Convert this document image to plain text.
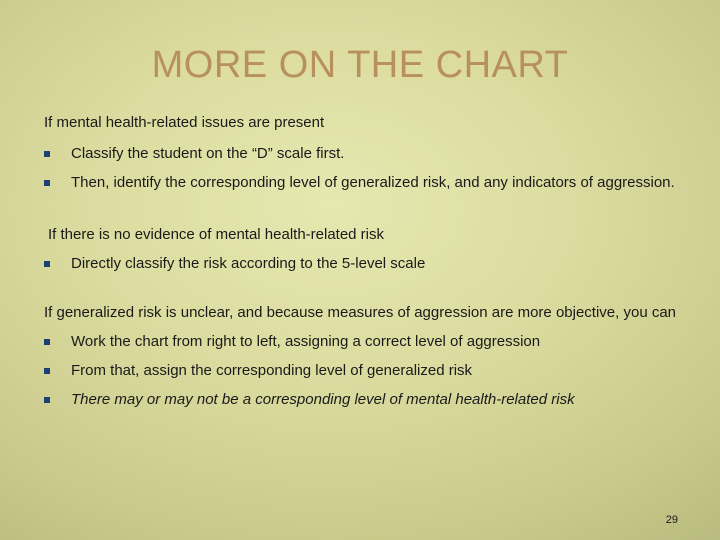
MORE ON THE CHART

If mental health-related issues are present

Classify the student on the “D” scale first.
Then, identify the corresponding level of generalized risk, and any indicators of aggression.

If there is no evidence of mental health-related risk

Directly classify the risk according to the 5-level scale

If generalized risk is unclear, and because measures of aggression are more objective, you can

Work the chart from right to left, assigning a correct level of aggression
From that, assign the corresponding level of generalized risk
There may or may not be a corresponding level of mental health-related risk
29
